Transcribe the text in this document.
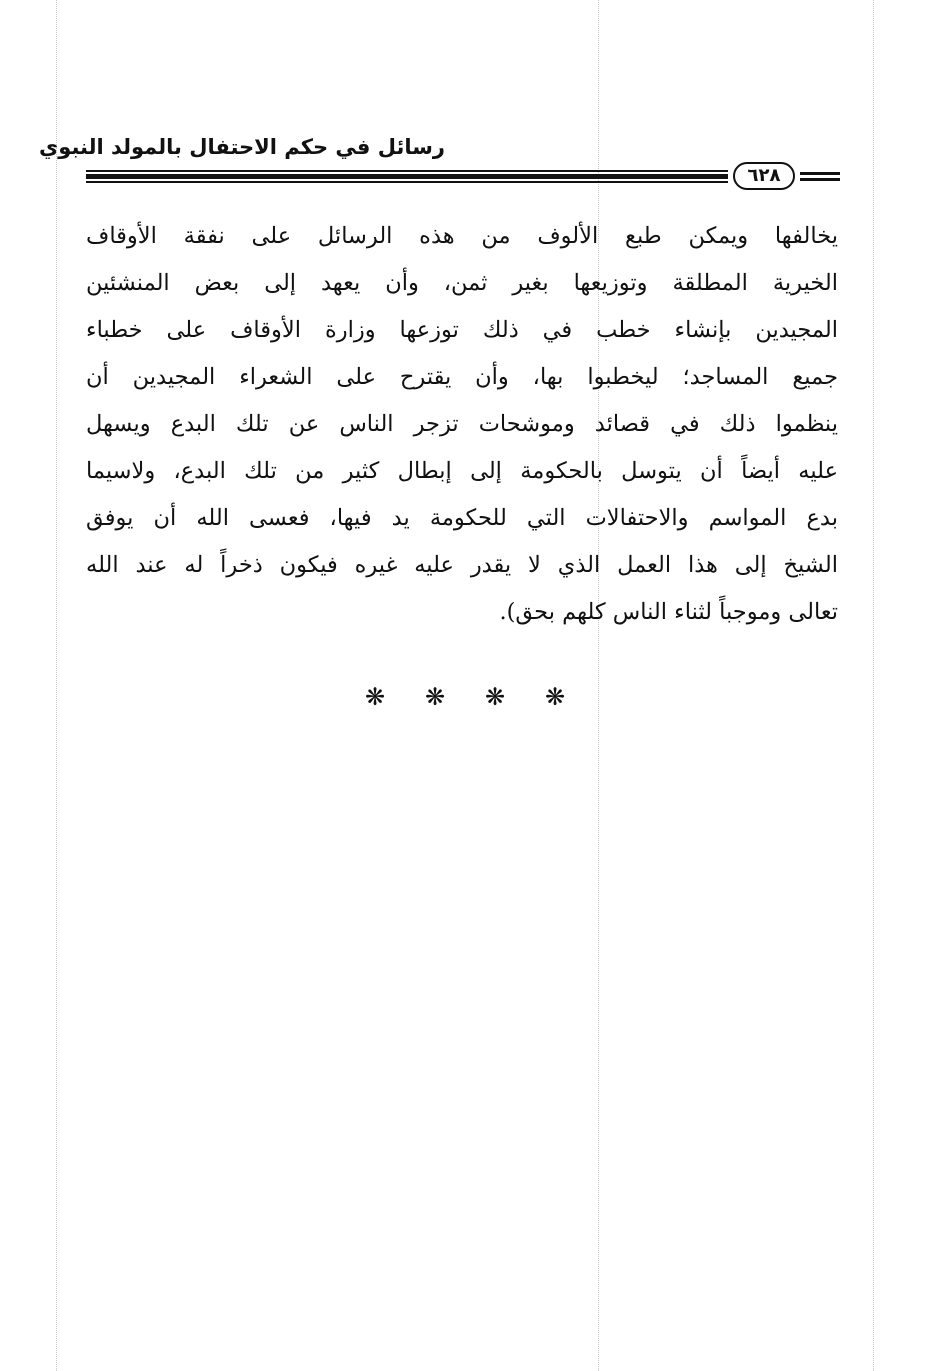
رسائل في حكم الاحتفال بالمولد النبوي
٦٢٨
يخالفها ويمكن طبع الألوف من هذه الرسائل على نفقة الأوقاف
الخيرية المطلقة وتوزيعها بغير ثمن، وأن يعهد إلى بعض المنشئين
المجيدين بإنشاء خطب في ذلك توزعها وزارة الأوقاف على خطباء
جميع المساجد؛ ليخطبوا بها، وأن يقترح على الشعراء المجيدين أن
ينظموا ذلك في قصائد وموشحات تزجر الناس عن تلك البدع ويسهل
عليه أيضاً أن يتوسل بالحكومة إلى إبطال كثير من تلك البدع، ولاسيما
بدع المواسم والاحتفالات التي للحكومة يد فيها، فعسى الله أن يوفق
الشيخ إلى هذا العمل الذي لا يقدر عليه غيره فيكون ذخراً له عند الله
تعالى وموجباً لثناء الناس كلهم بحق).
❋ ❋ ❋ ❋
